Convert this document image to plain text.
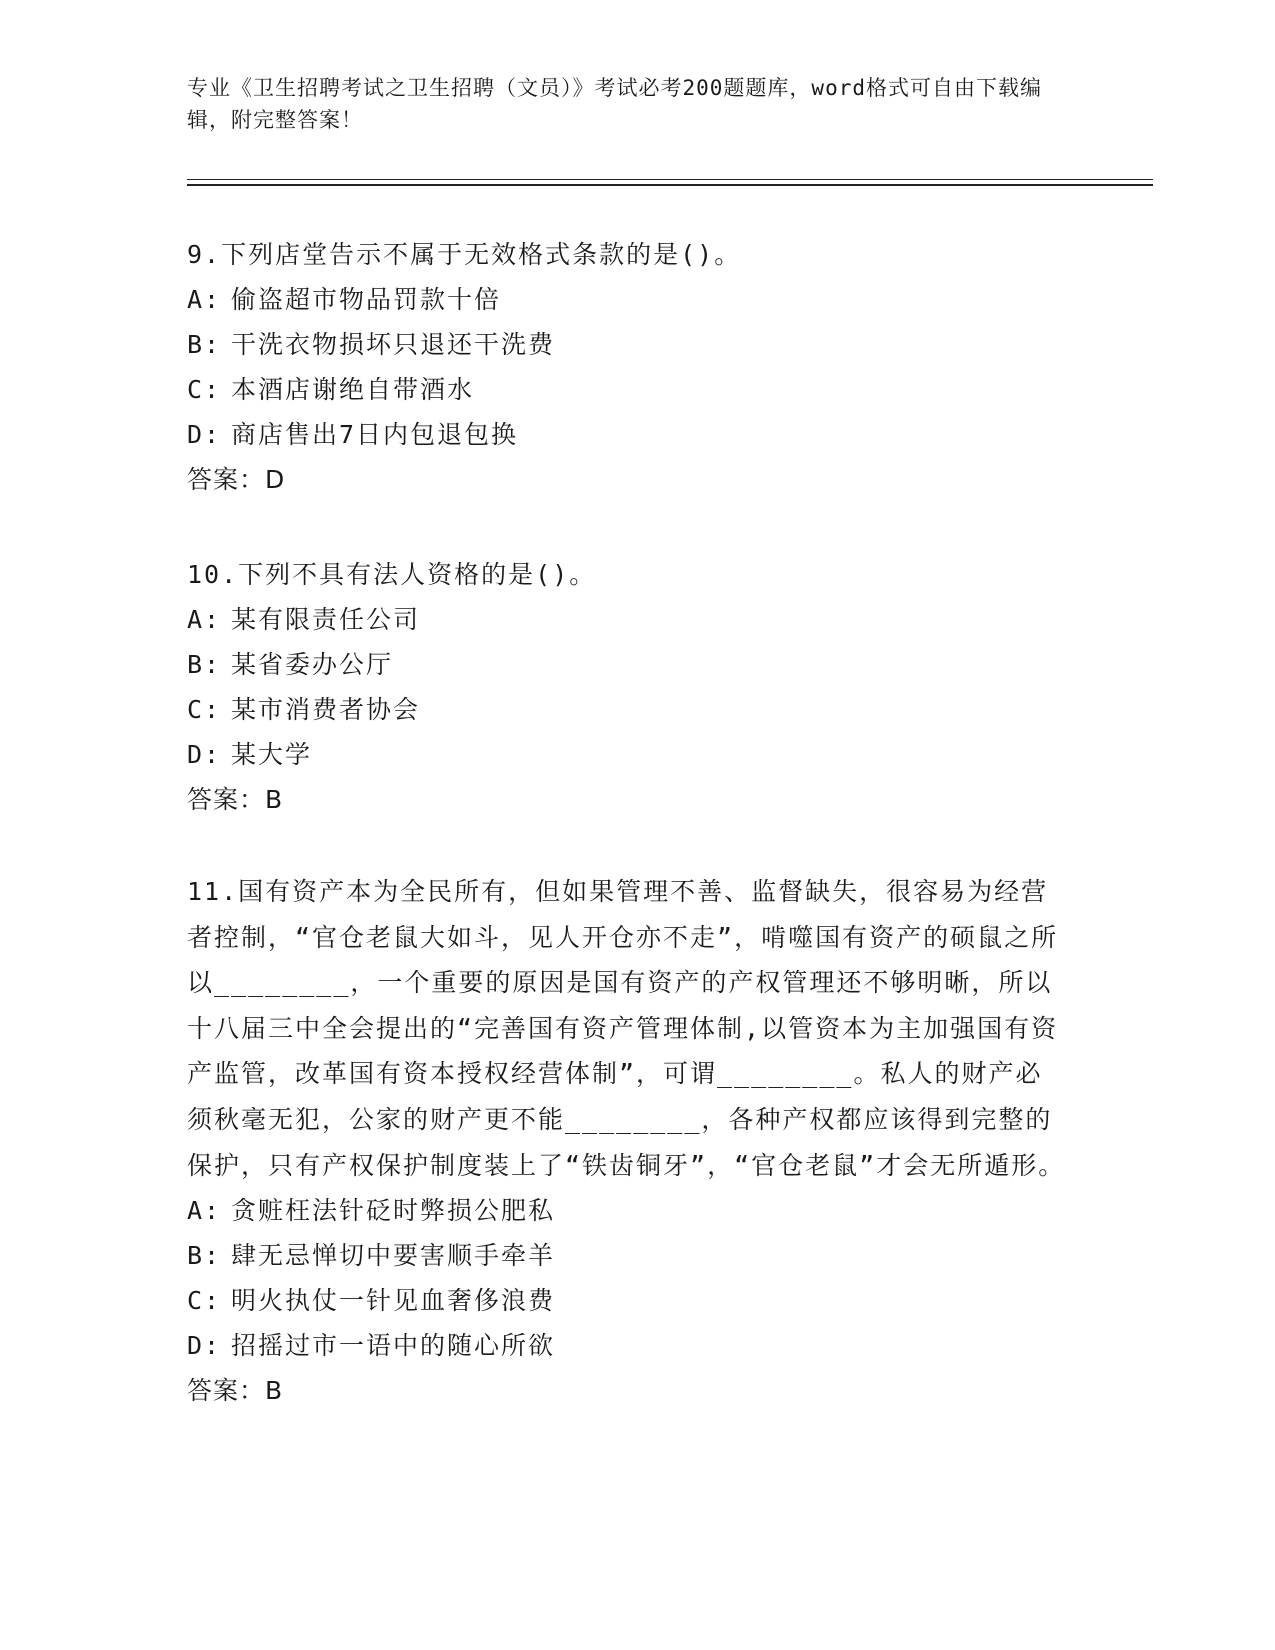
专业《卫生招聘考试之卫生招聘（文员）》考试必考200题题库，word格式可自由下载编辑，附完整答案！

9.下列店堂告示不属于无效格式条款的是()。

A: 偷盗超市物品罚款十倍

B: 干洗衣物损坏只退还干洗费

C: 本酒店谢绝自带酒水

D: 商店售出7日内包退包换

答案：D

10.下列不具有法人资格的是()。

A: 某有限责任公司

B: 某省委办公厅

C: 某市消费者协会

D: 某大学

答案：B

11.国有资产本为全民所有，但如果管理不善、监督缺失，很容易为经营者控制，“官仓老鼠大如斗，见人开仓亦不走”，啃噬国有资产的硕鼠之所以________，一个重要的原因是国有资产的产权管理还不够明晰，所以十八届三中全会提出的“完善国有资产管理体制,以管资本为主加强国有资产监管，改革国有资本授权经营体制”，可谓________。私人的财产必须秋毫无犯，公家的财产更不能________，各种产权都应该得到完整的保护，只有产权保护制度装上了“铁齿铜牙”，“官仓老鼠”才会无所遁形。

A: 贪赃枉法针砭时弊损公肥私

B: 肆无忌惮切中要害顺手牵羊

C: 明火执仗一针见血奢侈浪费

D: 招摇过市一语中的随心所欲

答案：B
